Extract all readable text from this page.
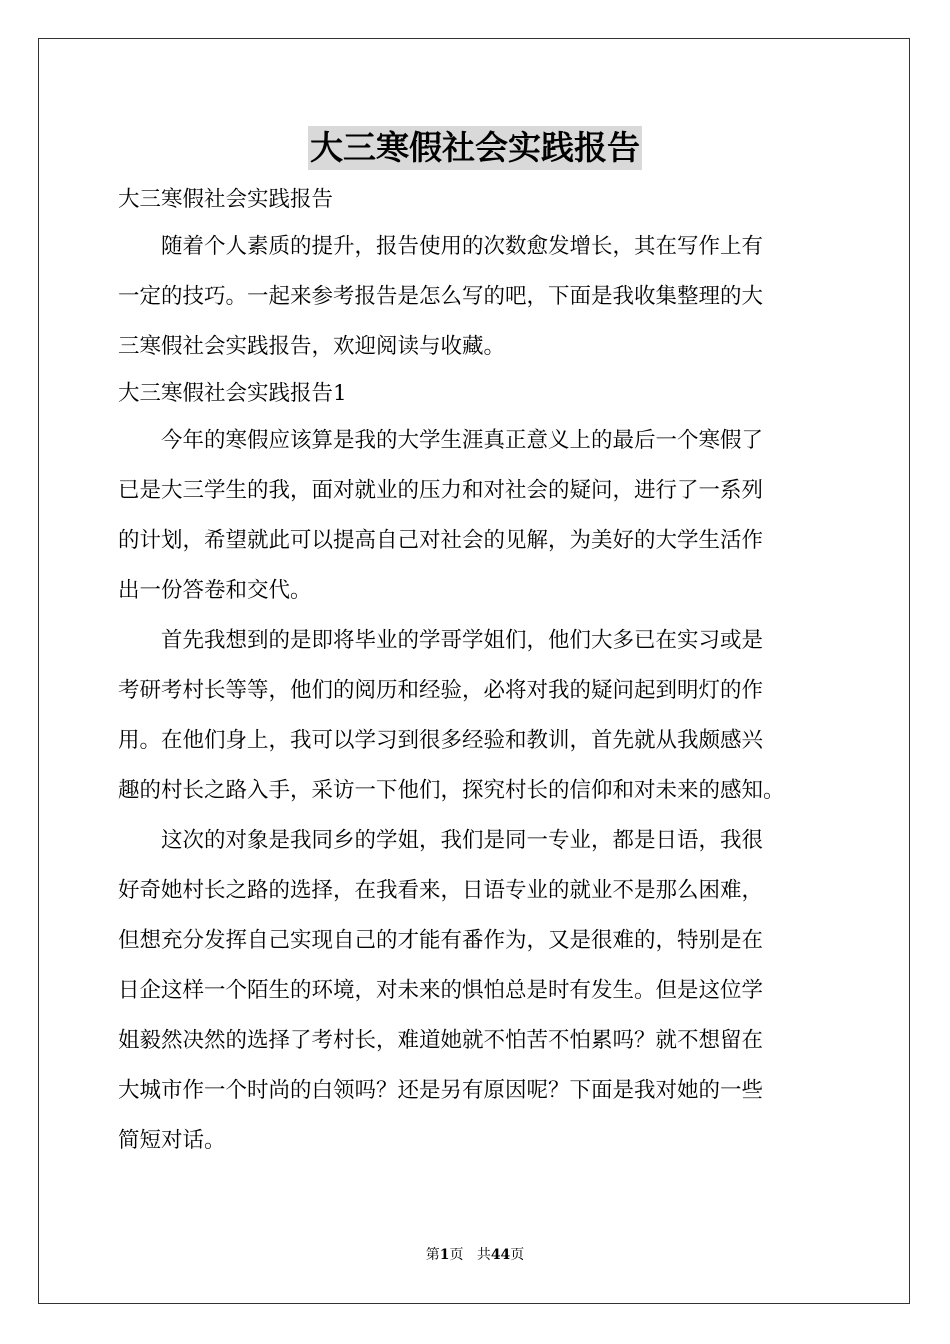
大三寒假社会实践报告
大三寒假社会实践报告
　　随着个人素质的提升，报告使用的次数愈发增长，其在写作上有
一定的技巧。一起来参考报告是怎么写的吧，下面是我收集整理的大
三寒假社会实践报告，欢迎阅读与收藏。
大三寒假社会实践报告1
　　今年的寒假应该算是我的大学生涯真正意义上的最后一个寒假了
已是大三学生的我，面对就业的压力和对社会的疑问，进行了一系列
的计划，希望就此可以提高自己对社会的见解，为美好的大学生活作
出一份答卷和交代。
　　首先我想到的是即将毕业的学哥学姐们，他们大多已在实习或是
考研考村长等等，他们的阅历和经验，必将对我的疑问起到明灯的作
用。在他们身上，我可以学习到很多经验和教训，首先就从我颇感兴
趣的村长之路入手，采访一下他们，探究村长的信仰和对未来的感知。
　　这次的对象是我同乡的学姐，我们是同一专业，都是日语，我很
好奇她村长之路的选择，在我看来，日语专业的就业不是那么困难，
但想充分发挥自己实现自己的才能有番作为，又是很难的，特别是在
日企这样一个陌生的环境，对未来的惧怕总是时有发生。但是这位学
姐毅然决然的选择了考村长，难道她就不怕苦不怕累吗？就不想留在
大城市作一个时尚的白领吗？还是另有原因呢？下面是我对她的一些
简短对话。
第1页 共44页
